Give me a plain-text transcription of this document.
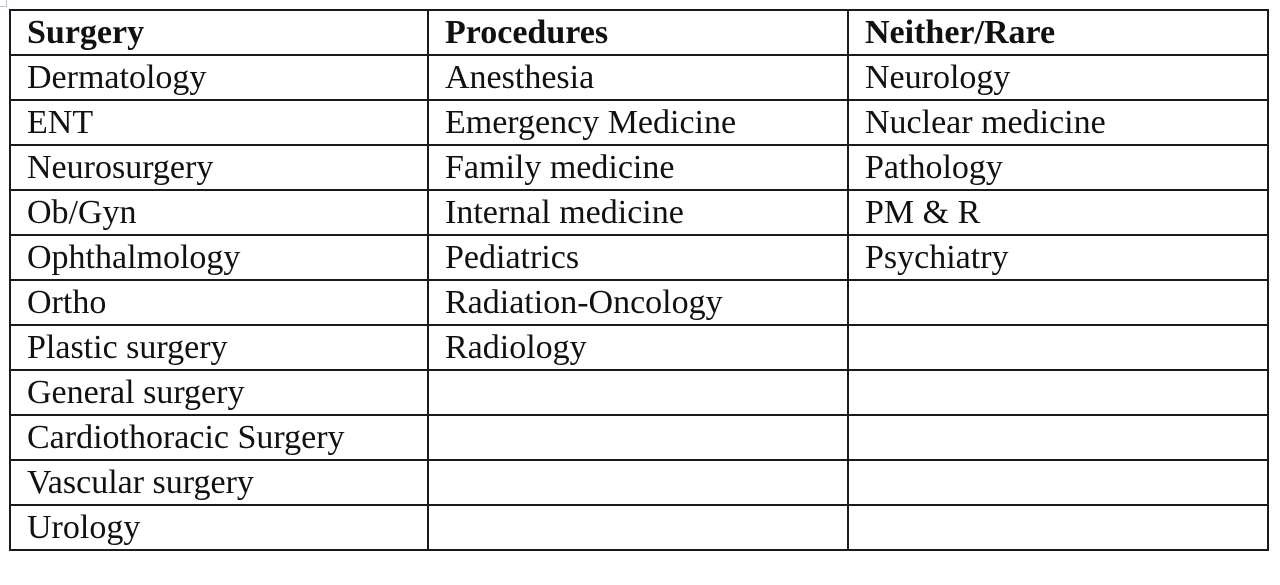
Surgery	Procedures	Neither/Rare
Dermatology	Anesthesia	Neurology
ENT	Emergency Medicine	Nuclear medicine
Neurosurgery	Family medicine	Pathology
Ob/Gyn	Internal medicine	PM & R
Ophthalmology	Pediatrics	Psychiatry
Ortho	Radiation-Oncology	
Plastic surgery	Radiology	
General surgery		
Cardiothoracic Surgery		
Vascular surgery		
Urology		
